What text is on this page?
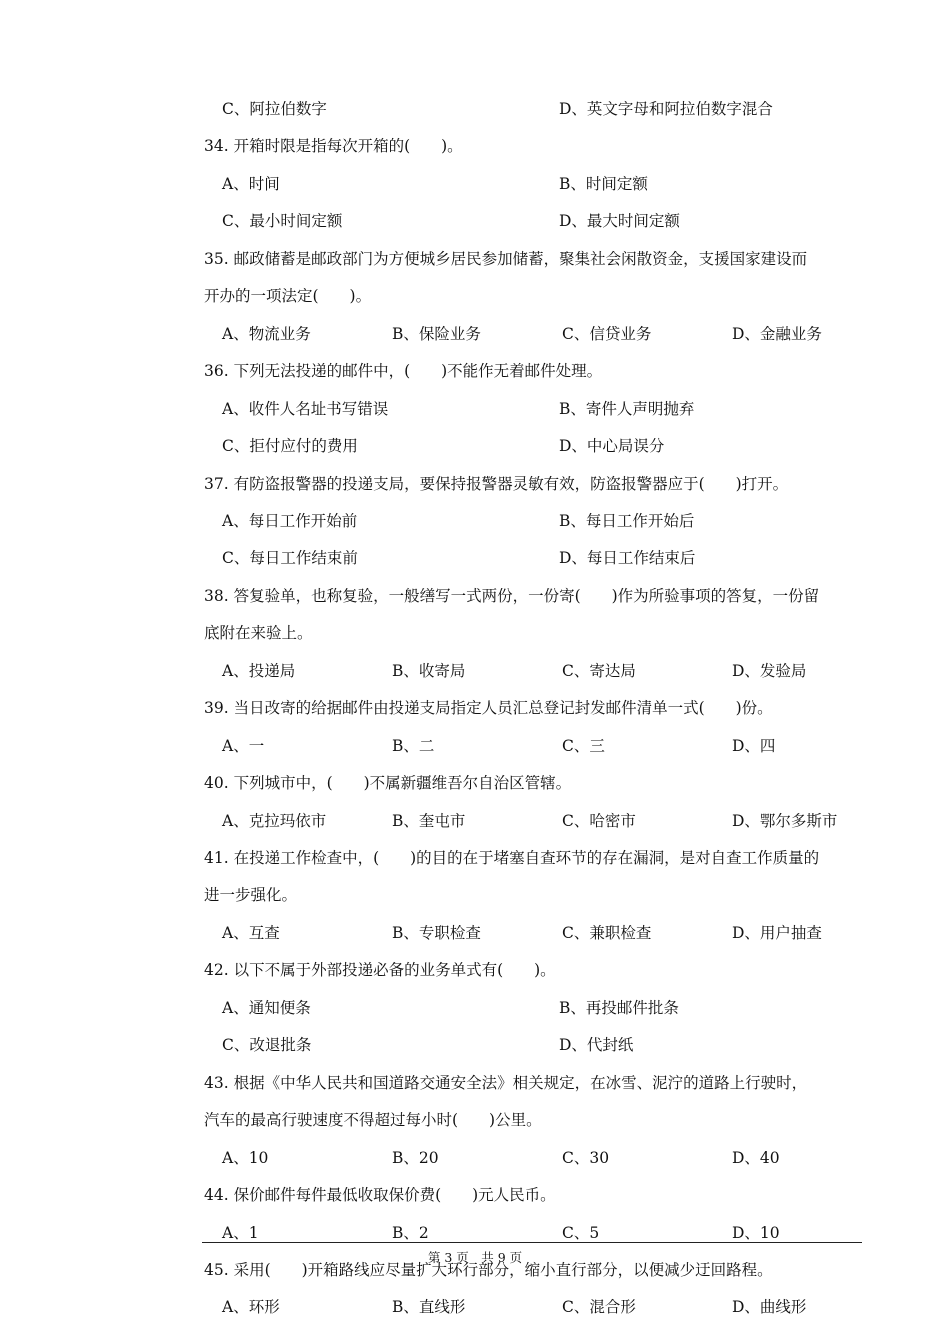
C、阿拉伯数字	D、英文字母和阿拉伯数字混合
34. 开箱时限是指每次开箱的(　　)。
A、时间	B、时间定额
C、最小时间定额	D、最大时间定额
35. 邮政储蓄是邮政部门为方便城乡居民参加储蓄，聚集社会闲散资金，支援国家建设而
开办的一项法定(　　)。
A、物流业务	B、保险业务	C、信贷业务	D、金融业务
36. 下列无法投递的邮件中，(　　)不能作无着邮件处理。
A、收件人名址书写错误	B、寄件人声明抛弃
C、拒付应付的费用	D、中心局误分
37. 有防盗报警器的投递支局，要保持报警器灵敏有效，防盗报警器应于(　　)打开。
A、每日工作开始前	B、每日工作开始后
C、每日工作结束前	D、每日工作结束后
38. 答复验单，也称复验，一般缮写一式两份，一份寄(　　)作为所验事项的答复，一份留
底附在来验上。
A、投递局	B、收寄局	C、寄达局	D、发验局
39. 当日改寄的给据邮件由投递支局指定人员汇总登记封发邮件清单一式(　　)份。
A、一	B、二	C、三	D、四
40. 下列城市中，(　　)不属新疆维吾尔自治区管辖。
A、克拉玛依市	B、奎屯市	C、哈密市	D、鄂尔多斯市
41. 在投递工作检查中，(　　)的目的在于堵塞自查环节的存在漏洞，是对自查工作质量的
进一步强化。
A、互查	B、专职检查	C、兼职检查	D、用户抽查
42. 以下不属于外部投递必备的业务单式有(　　)。
A、通知便条	B、再投邮件批条
C、改退批条	D、代封纸
43. 根据《中华人民共和国道路交通安全法》相关规定，在冰雪、泥泞的道路上行驶时，
汽车的最高行驶速度不得超过每小时(　　)公里。
A、10	B、20	C、30	D、40
44. 保价邮件每件最低收取保价费(　　)元人民币。
A、1	B、2	C、5	D、10
45. 采用(　　)开箱路线应尽量扩大环行部分，缩小直行部分，以便减少迂回路程。
A、环形	B、直线形	C、混合形	D、曲线形
第 3 页　共 9 页
